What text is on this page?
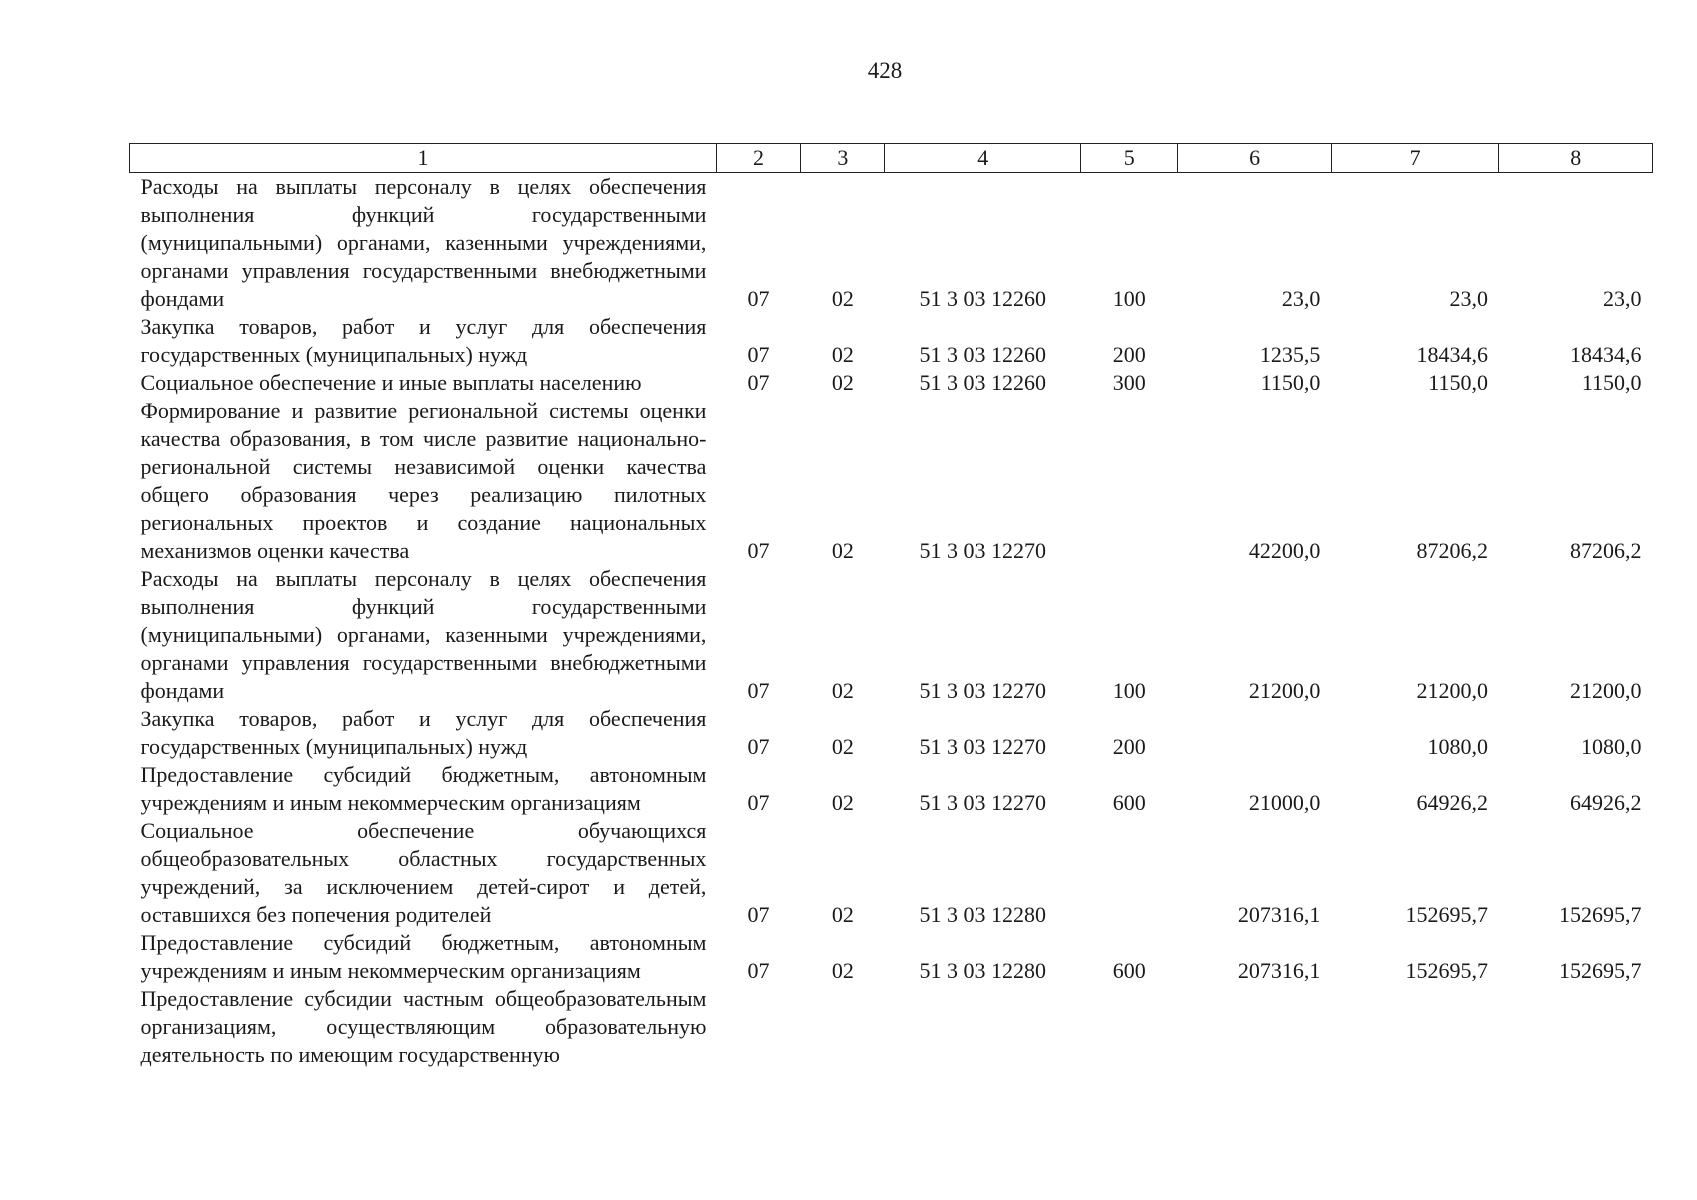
428
1	2	3	4	5	6	7	8
Расходы на выплаты персоналу в целях обеспечения выполнения функций государственными (муниципальными) органами, казенными учреждениями, органами управления государственными внебюджетными фондами	07	02	51 3 03 12260	100	23,0	23,0	23,0
Закупка товаров, работ и услуг для обеспечения государственных (муниципальных) нужд	07	02	51 3 03 12260	200	1235,5	18434,6	18434,6
Социальное обеспечение и иные выплаты населению	07	02	51 3 03 12260	300	1150,0	1150,0	1150,0
Формирование и развитие региональной системы оценки качества образования, в том числе развитие национально-региональной системы независимой оценки качества общего образования через реализацию пилотных региональных проектов и создание национальных механизмов оценки качества	07	02	51 3 03 12270		42200,0	87206,2	87206,2
Расходы на выплаты персоналу в целях обеспечения выполнения функций государственными (муниципальными) органами, казенными учреждениями, органами управления государственными внебюджетными фондами	07	02	51 3 03 12270	100	21200,0	21200,0	21200,0
Закупка товаров, работ и услуг для обеспечения государственных (муниципальных) нужд	07	02	51 3 03 12270	200		1080,0	1080,0
Предоставление субсидий бюджетным, автономным учреждениям и иным некоммерческим организациям	07	02	51 3 03 12270	600	21000,0	64926,2	64926,2
Социальное обеспечение обучающихся общеобразовательных областных государственных учреждений, за исключением детей-сирот и детей, оставшихся без попечения родителей	07	02	51 3 03 12280		207316,1	152695,7	152695,7
Предоставление субсидий бюджетным, автономным учреждениям и иным некоммерческим организациям	07	02	51 3 03 12280	600	207316,1	152695,7	152695,7
Предоставление субсидии частным общеобразовательным организациям, осуществляющим образовательную деятельность по имеющим государственную							
